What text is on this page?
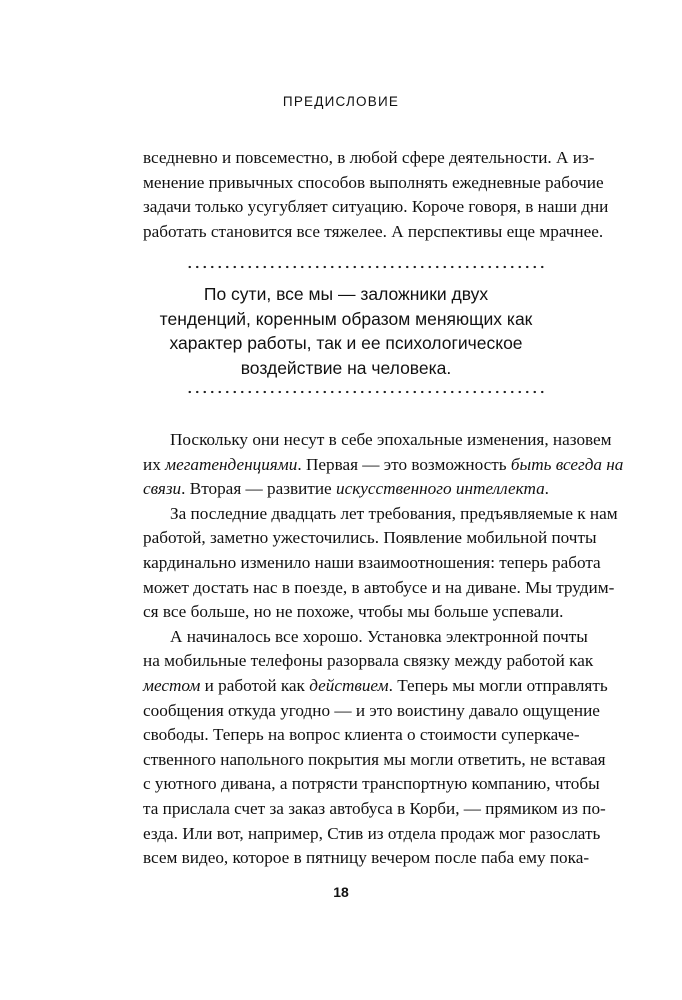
ПРЕДИСЛОВИЕ
вседневно и повсеместно, в любой сфере деятельности. А из-
менение привычных способов выполнять ежедневные рабочие
задачи только усугубляет ситуацию. Короче говоря, в наши дни
работать становится все тяжелее. А перспективы еще мрачнее.
По сути, все мы — заложники двух
тенденций, коренным образом меняющих как
характер работы, так и ее психологическое
воздействие на человека.
Поскольку они несут в себе эпохальные изменения, назовем
их мегатенденциями. Первая — это возможность быть всегда на
связи. Вторая — развитие искусственного интеллекта.
За последние двадцать лет требования, предъявляемые к нам
работой, заметно ужесточились. Появление мобильной почты
кардинально изменило наши взаимоотношения: теперь работа
может достать нас в поезде, в автобусе и на диване. Мы трудим-
ся все больше, но не похоже, чтобы мы больше успевали.
А начиналось все хорошо. Установка электронной почты
на мобильные телефоны разорвала связку между работой как
местом и работой как действием. Теперь мы могли отправлять
сообщения откуда угодно — и это воистину давало ощущение
свободы. Теперь на вопрос клиента о стоимости суперкаче-
ственного напольного покрытия мы могли ответить, не вставая
с уютного дивана, а потрясти транспортную компанию, чтобы
та прислала счет за заказ автобуса в Корби, — прямиком из по-
езда. Или вот, например, Стив из отдела продаж мог разослать
всем видео, которое в пятницу вечером после паба ему пока-
18
